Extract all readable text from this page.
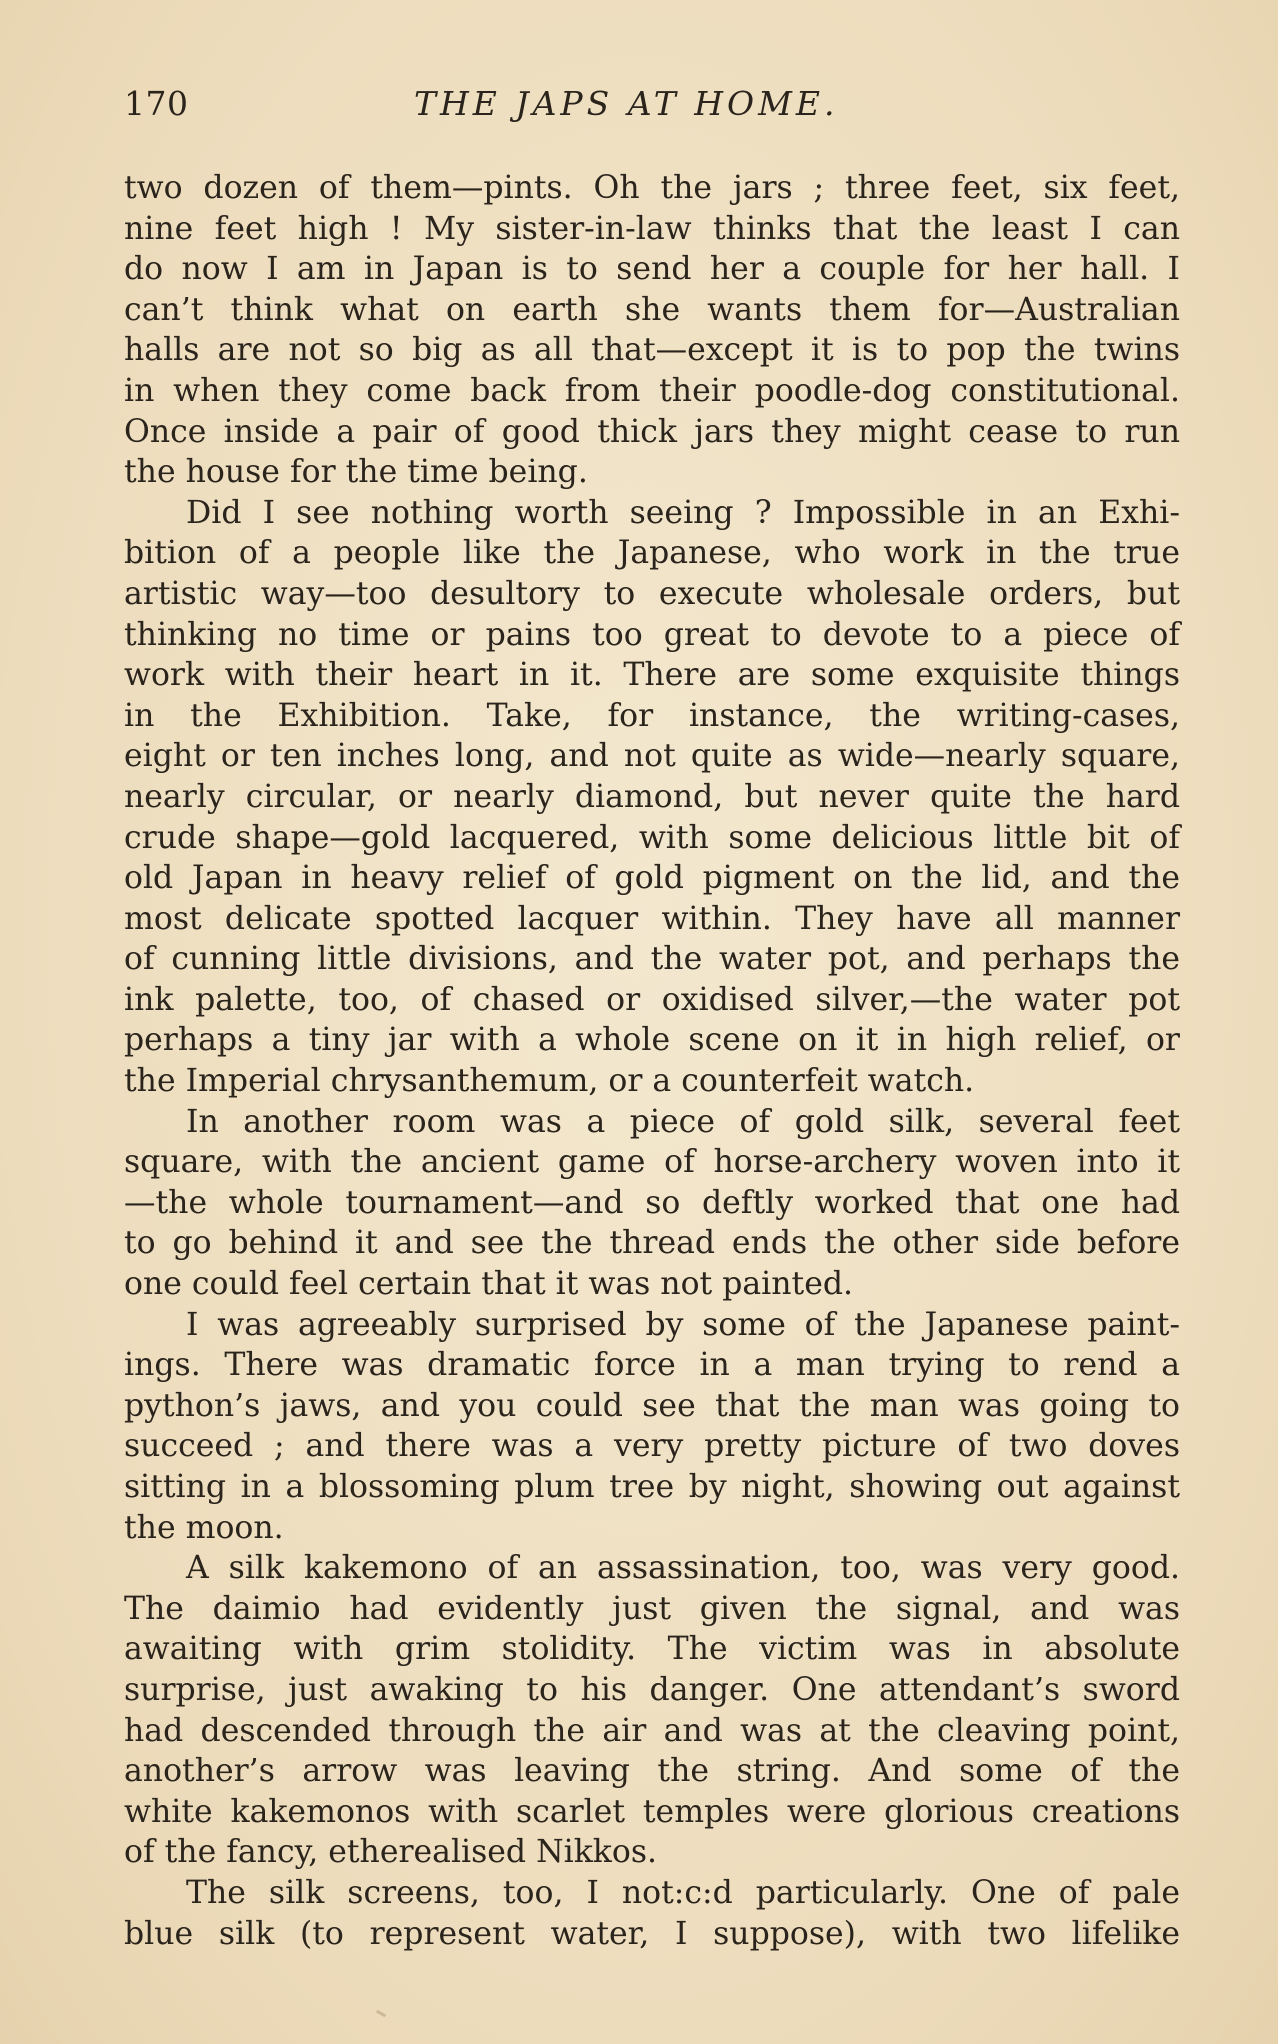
170	THE JAPS AT HOME.
two dozen of them—pints. Oh the jars ; three feet, six feet,
nine feet high ! My sister-in-law thinks that the least I can
do now I am in Japan is to send her a couple for her hall. I
can’t think what on earth she wants them for—Australian
halls are not so big as all that—except it is to pop the twins
in when they come back from their poodle-dog constitutional.
Once inside a pair of good thick jars they might cease to run
the house for the time being.
Did I see nothing worth seeing ? Impossible in an Exhi-
bition of a people like the Japanese, who work in the true
artistic way—too desultory to execute wholesale orders, but
thinking no time or pains too great to devote to a piece of
work with their heart in it. There are some exquisite things
in the Exhibition. Take, for instance, the writing-cases,
eight or ten inches long, and not quite as wide—nearly square,
nearly circular, or nearly diamond, but never quite the hard
crude shape—gold lacquered, with some delicious little bit of
old Japan in heavy relief of gold pigment on the lid, and the
most delicate spotted lacquer within. They have all manner
of cunning little divisions, and the water pot, and perhaps the
ink palette, too, of chased or oxidised silver,—the water pot
perhaps a tiny jar with a whole scene on it in high relief, or
the Imperial chrysanthemum, or a counterfeit watch.
In another room was a piece of gold silk, several feet
square, with the ancient game of horse-archery woven into it
—the whole tournament—and so deftly worked that one had
to go behind it and see the thread ends the other side before
one could feel certain that it was not painted.
I was agreeably surprised by some of the Japanese paint-
ings. There was dramatic force in a man trying to rend a
python’s jaws, and you could see that the man was going to
succeed ; and there was a very pretty picture of two doves
sitting in a blossoming plum tree by night, showing out against
the moon.
A silk kakemono of an assassination, too, was very good.
The daimio had evidently just given the signal, and was
awaiting with grim stolidity. The victim was in absolute
surprise, just awaking to his danger. One attendant’s sword
had descended through the air and was at the cleaving point,
another’s arrow was leaving the string. And some of the
white kakemonos with scarlet temples were glorious creations
of the fancy, etherealised Nikkos.
The silk screens, too, I not:c:d particularly. One of pale
blue silk (to represent water, I suppose), with two lifelike
